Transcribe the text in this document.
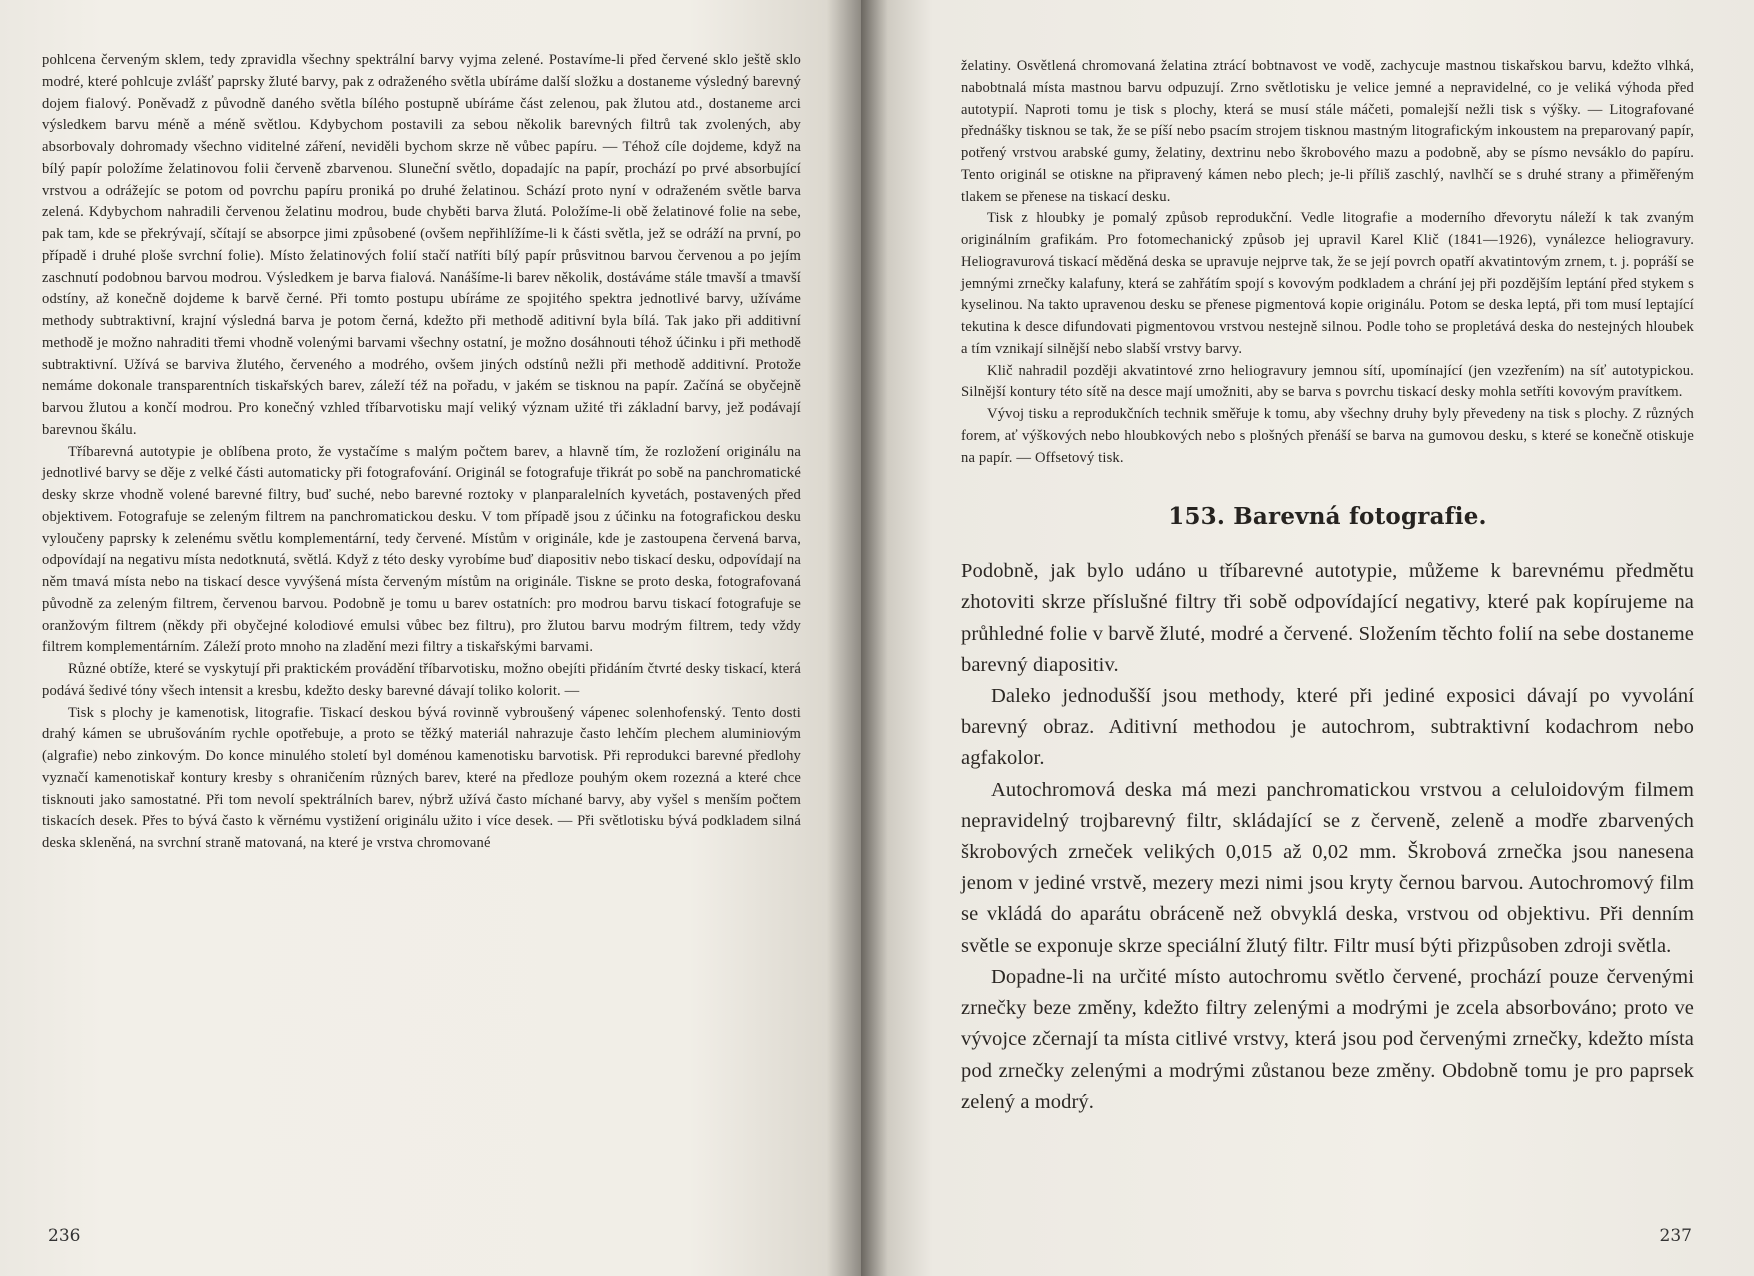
pohlcena červeným sklem, tedy zpravidla všechny spektrální barvy vyjma zelené. Postavíme-li před červené sklo ještě sklo modré, které pohlcuje zvlášť paprsky žluté barvy, pak z odraženého světla ubíráme další složku a dostaneme výsledný barevný dojem fialový. Poněvadž z původně daného světla bílého postupně ubíráme část zelenou, pak žlutou atd., dostaneme arci výsledkem barvu méně a méně světlou. Kdybychom postavili za sebou několik barevných filtrů tak zvolených, aby absorbovaly dohromady všechno viditelné záření, neviděli bychom skrze ně vůbec papíru. — Téhož cíle dojdeme, když na bílý papír položíme želatinovou folii červeně zbarvenou. Sluneční světlo, dopadajíc na papír, prochází po prvé absorbující vrstvou a odrážejíc se potom od povrchu papíru proniká po druhé želatinou. Schází proto nyní v odraženém světle barva zelená. Kdybychom nahradili červenou želatinu modrou, bude chyběti barva žlutá. Položíme-li obě želatinové folie na sebe, pak tam, kde se překrývají, sčítají se absorpce jimi způsobené (ovšem nepřihlížíme-li k části světla, jež se odráží na první, po případě i druhé ploše svrchní folie). Místo želatinových folií stačí natříti bílý papír průsvitnou barvou červenou a po jejím zaschnutí podobnou barvou modrou. Výsledkem je barva fialová. Nanášíme-li barev několik, dostáváme stále tmavší a tmavší odstíny, až konečně dojdeme k barvě černé. Při tomto postupu ubíráme ze spojitého spektra jednotlivé barvy, užíváme methody subtraktivní, krajní výsledná barva je potom černá, kdežto při methodě aditivní byla bílá. Tak jako při additivní methodě je možno nahraditi třemi vhodně volenými barvami všechny ostatní, je možno dosáhnouti téhož účinku i při methodě subtraktivní. Užívá se barviva žlutého, červeného a modrého, ovšem jiných odstínů nežli při methodě additivní. Protože nemáme dokonale transparentních tiskařských barev, záleží též na pořadu, v jakém se tisknou na papír. Začíná se obyčejně barvou žlutou a končí modrou. Pro konečný vzhled tříbarvotisku mají veliký význam užité tři základní barvy, jež podávají barevnou škálu.

Tříbarevná autotypie je oblíbena proto, že vystačíme s malým počtem barev, a hlavně tím, že rozložení originálu na jednotlivé barvy se děje z velké části automaticky při fotografování. Originál se fotografuje třikrát po sobě na panchromatické desky skrze vhodně volené barevné filtry, buď suché, nebo barevné roztoky v planparalelních kyvetách, postavených před objektivem. Fotografuje se zeleným filtrem na panchromatickou desku. V tom případě jsou z účinku na fotografickou desku vyloučeny paprsky k zelenému světlu komplementární, tedy červené. Místům v originále, kde je zastoupena červená barva, odpovídají na negativu místa nedotknutá, světlá. Když z této desky vyrobíme buď diapositiv nebo tiskací desku, odpovídají na něm tmavá místa nebo na tiskací desce vyvýšená místa červeným místům na originále. Tiskne se proto deska, fotografovaná původně za zeleným filtrem, červenou barvou. Podobně je tomu u barev ostatních: pro modrou barvu tiskací fotografuje se oranžovým filtrem (někdy při obyčejné kolodiové emulsi vůbec bez filtru), pro žlutou barvu modrým filtrem, tedy vždy filtrem komplementárním. Záleží proto mnoho na zladění mezi filtry a tiskařskými barvami.

Různé obtíže, které se vyskytují při praktickém provádění tříbarvotisku, možno obejíti přidáním čtvrté desky tiskací, která podává šedivé tóny všech intensit a kresbu, kdežto desky barevné dávají toliko kolorit. —

Tisk s plochy je kamenotisk, litografie. Tiskací deskou bývá rovinně vybroušený vápenec solenhofenský. Tento dosti drahý kámen se ubrušováním rychle opotřebuje, a proto se těžký materiál nahrazuje často lehčím plechem aluminiovým (algrafie) nebo zinkovým. Do konce minulého století byl doménou kamenotisku barvotisk. Při reprodukci barevné předlohy vyznačí kamenotiskař kontury kresby s ohraničením různých barev, které na předloze pouhým okem rozezná a které chce tisknouti jako samostatné. Při tom nevolí spektrálních barev, nýbrž užívá často míchané barvy, aby vyšel s menším počtem tiskacích desek. Přes to bývá často k věrnému vystižení originálu užito i více desek. — Při světlotisku bývá podkladem silná deska skleněná, na svrchní straně matovaná, na které je vrstva chromované

236

želatiny. Osvětlená chromovaná želatina ztrácí bobtnavost ve vodě, zachycuje mastnou tiskařskou barvu, kdežto vlhká, nabobtnalá místa mastnou barvu odpuzují. Zrno světlotisku je velice jemné a nepravidelné, co je veliká výhoda před autotypií. Naproti tomu je tisk s plochy, která se musí stále máčeti, pomalejší nežli tisk s výšky. — Litografované přednášky tisknou se tak, že se píší nebo psacím strojem tisknou mastným litografickým inkoustem na preparovaný papír, potřený vrstvou arabské gumy, želatiny, dextrinu nebo škrobového mazu a podobně, aby se písmo nevsáklo do papíru. Tento originál se otiskne na připravený kámen nebo plech; je-li příliš zaschlý, navlhčí se s druhé strany a přiměřeným tlakem se přenese na tiskací desku.

Tisk z hloubky je pomalý způsob reprodukční. Vedle litografie a moderního dřevorytu náleží k tak zvaným originálním grafikám. Pro fotomechanický způsob jej upravil Karel Klič (1841—1926), vynálezce heliogravury. Heliogravurová tiskací měděná deska se upravuje nejprve tak, že se její povrch opatří akvatintovým zrnem, t. j. popráší se jemnými zrnečky kalafuny, která se zahřátím spojí s kovovým podkladem a chrání jej při pozdějším leptání před stykem s kyselinou. Na takto upravenou desku se přenese pigmentová kopie originálu. Potom se deska leptá, při tom musí leptající tekutina k desce difundovati pigmentovou vrstvou nestejně silnou. Podle toho se propletává deska do nestejných hloubek a tím vznikají silnější nebo slabší vrstvy barvy.

Klič nahradil později akvatintové zrno heliogravury jemnou sítí, upomínající (jen vzezřením) na síť autotypickou. Silnější kontury této sítě na desce mají umožniti, aby se barva s povrchu tiskací desky mohla setříti kovovým pravítkem.

Vývoj tisku a reprodukčních technik směřuje k tomu, aby všechny druhy byly převedeny na tisk s plochy. Z různých forem, ať výškových nebo hloubkových nebo s plošných přenáší se barva na gumovou desku, s které se konečně otiskuje na papír. — Offsetový tisk.

153. Barevná fotografie.

Podobně, jak bylo udáno u tříbarevné autotypie, můžeme k barevnému předmětu zhotoviti skrze příslušné filtry tři sobě odpovídající negativy, které pak kopírujeme na průhledné folie v barvě žluté, modré a červené. Složením těchto folií na sebe dostaneme barevný diapositiv.

Daleko jednodušší jsou methody, které při jediné exposici dávají po vyvolání barevný obraz. Aditivní methodou je autochrom, subtraktivní kodachrom nebo agfakolor.

Autochromová deska má mezi panchromatickou vrstvou a celuloidovým filmem nepravidelný trojbarevný filtr, skládající se z červeně, zeleně a modře zbarvených škrobových zrneček velikých 0,015 až 0,02 mm. Škrobová zrnečka jsou nanesena jenom v jediné vrstvě, mezery mezi nimi jsou kryty černou barvou. Autochromový film se vkládá do aparátu obráceně než obvyklá deska, vrstvou od objektivu. Při denním světle se exponuje skrze speciální žlutý filtr. Filtr musí býti přizpůsoben zdroji světla.

Dopadne-li na určité místo autochromu světlo červené, prochází pouze červenými zrnečky beze změny, kdežto filtry zelenými a modrými je zcela absorbováno; proto ve vývojce zčernají ta místa citlivé vrstvy, která jsou pod červenými zrnečky, kdežto místa pod zrnečky zelenými a modrými zůstanou beze změny. Obdobně tomu je pro paprsek zelený a modrý.

237
